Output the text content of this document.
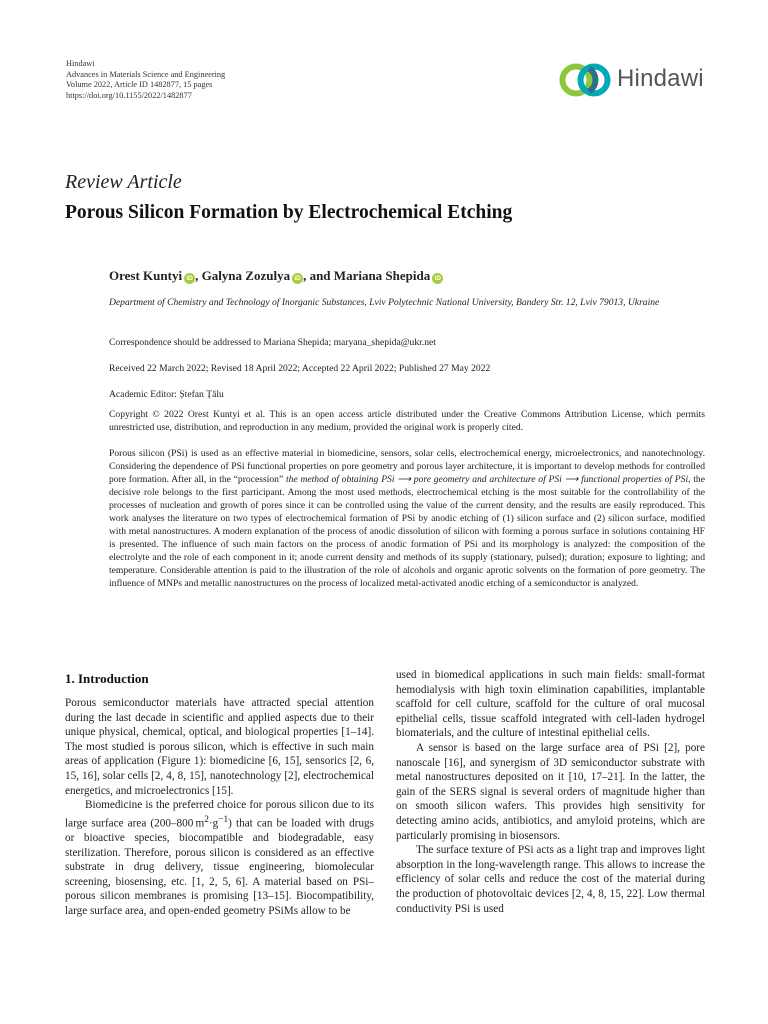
Hindawi
Advances in Materials Science and Engineering
Volume 2022, Article ID 1482877, 15 pages
https://doi.org/10.1155/2022/1482877
Hindawi
Review Article
Porous Silicon Formation by Electrochemical Etching
Orest Kuntyi iD , Galyna Zozulya iD , and Mariana Shepida iD
Department of Chemistry and Technology of Inorganic Substances, Lviv Polytechnic National University, Bandery Str. 12, Lviv 79013, Ukraine
Correspondence should be addressed to Mariana Shepida; maryana_shepida@ukr.net
Received 22 March 2022; Revised 18 April 2022; Accepted 22 April 2022; Published 27 May 2022
Academic Editor: Ștefan Țălu

Copyright © 2022 Orest Kuntyi et al. This is an open access article distributed under the Creative Commons Attribution License, which permits unrestricted use, distribution, and reproduction in any medium, provided the original work is properly cited.

Porous silicon (PSi) is used as an effective material in biomedicine, sensors, solar cells, electrochemical energy, microelectronics, and nanotechnology. Considering the dependence of PSi functional properties on pore geometry and porous layer architecture, it is important to develop methods for controlled pore formation. After all, in the “procession” the method of obtaining PSi ⟶ pore geometry and architecture of PSi ⟶ functional properties of PSi, the decisive role belongs to the first participant. Among the most used methods, electrochemical etching is the most suitable for the controllability of the processes of nucleation and growth of pores since it can be controlled using the value of the current density, and the results are easily reproduced. This work analyses the literature on two types of electrochemical formation of PSi by anodic etching of (1) silicon surface and (2) silicon surface, modified with metal nanostructures. A modern explanation of the process of anodic dissolution of silicon with forming a porous surface in solutions containing HF is presented. The influence of such main factors on the process of anodic formation of PSi and its morphology is analyzed: the composition of the electrolyte and the role of each component in it; anode current density and methods of its supply (stationary, pulsed); duration; exposure to lighting; and temperature. Considerable attention is paid to the illustration of the role of alcohols and organic aprotic solvents on the formation of pore geometry. The influence of MNPs and metallic nanostructures on the process of localized metal-activated anodic etching of a semiconductor is analyzed.

1. Introduction

Porous semiconductor materials have attracted special attention during the last decade in scientific and applied aspects due to their unique physical, chemical, optical, and biological properties [1–14]. The most studied is porous silicon, which is effective in such main areas of application (Figure 1): biomedicine [6, 15], sensorics [2, 6, 15, 16], solar cells [2, 4, 8, 15], nanotechnology [2], electrochemical energetics, and microelectronics [15].

Biomedicine is the preferred choice for porous silicon due to its large surface area (200–800 $m^2\cdot g^{-1}$) that can be loaded with drugs or bioactive species, biocompatible and biodegradable, easy sterilization. Therefore, porous silicon is considered as an effective substrate in drug delivery, tissue engineering, biomolecular screening, biosensing, etc. [1, 2, 5, 6]. A material based on PSi–porous silicon membranes is promising [13–15]. Biocompatibility, large surface area, and open-ended geometry PSiMs allow to be

used in biomedical applications in such main fields: small-format hemodialysis with high toxin elimination capabilities, implantable scaffold for cell culture, scaffold for the culture of oral mucosal epithelial cells, tissue scaffold integrated with cell-laden hydrogel biomaterials, and the culture of intestinal epithelial cells.

A sensor is based on the large surface area of PSi [2], pore nanoscale [16], and synergism of 3D semiconductor substrate with metal nanostructures deposited on it [10, 17–21]. In the latter, the gain of the SERS signal is several orders of magnitude higher than on smooth silicon wafers. This provides high sensitivity for detecting amino acids, antibiotics, and amyloid proteins, which are particularly promising in biosensors.

The surface texture of PSi acts as a light trap and improves light absorption in the long-wavelength range. This allows to increase the efficiency of solar cells and reduce the cost of the material during the production of photovoltaic devices [2, 4, 8, 15, 22]. Low thermal conductivity PSi is used
